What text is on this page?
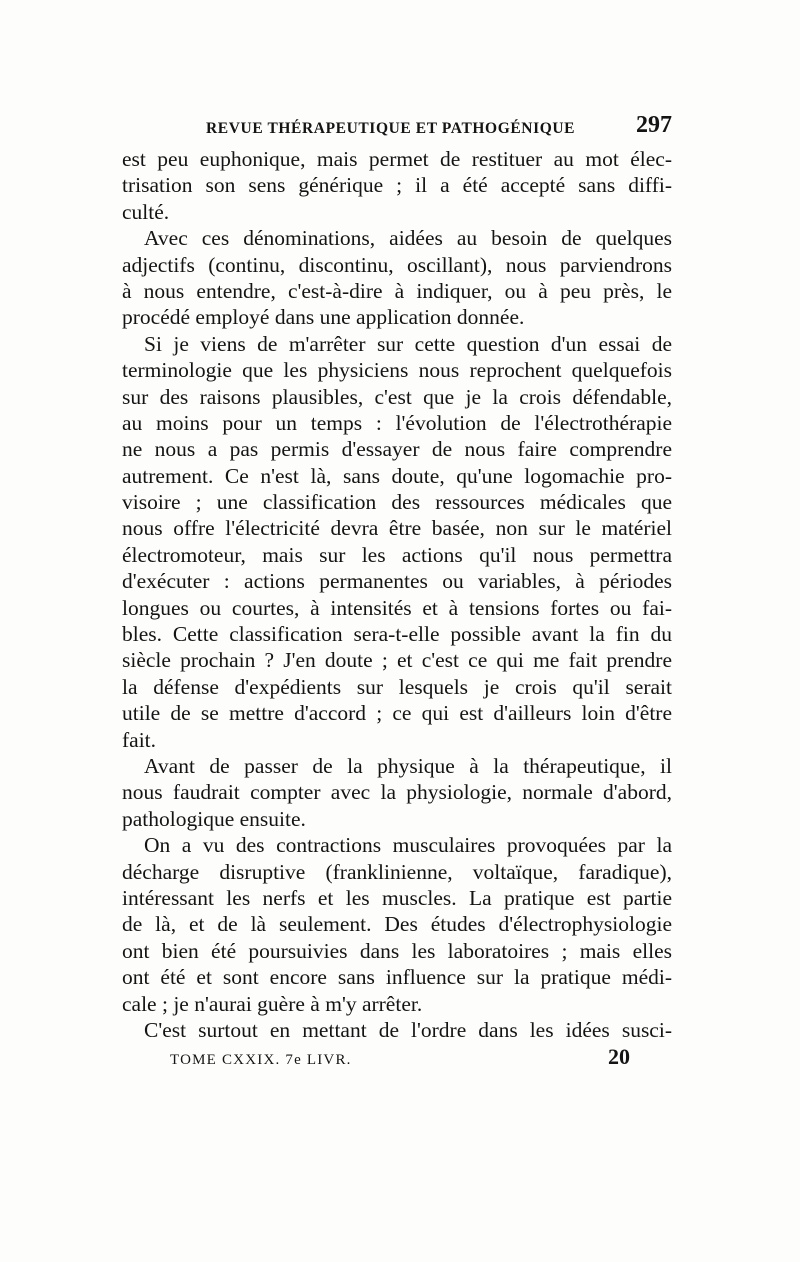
REVUE THÉRAPEUTIQUE ET PATHOGÉNIQUE	297
est peu euphonique, mais permet de restituer au mot élec-
trisation son sens générique ; il a été accepté sans diffi-
culté.
Avec ces dénominations, aidées au besoin de quelques
adjectifs (continu, discontinu, oscillant), nous parviendrons
à nous entendre, c'est-à-dire à indiquer, ou à peu près, le
procédé employé dans une application donnée.
Si je viens de m'arrêter sur cette question d'un essai de
terminologie que les physiciens nous reprochent quelquefois
sur des raisons plausibles, c'est que je la crois défendable,
au moins pour un temps : l'évolution de l'électrothérapie
ne nous a pas permis d'essayer de nous faire comprendre
autrement. Ce n'est là, sans doute, qu'une logomachie pro-
visoire ; une classification des ressources médicales que
nous offre l'électricité devra être basée, non sur le matériel
électromoteur, mais sur les actions qu'il nous permettra
d'exécuter : actions permanentes ou variables, à périodes
longues ou courtes, à intensités et à tensions fortes ou fai-
bles. Cette classification sera-t-elle possible avant la fin du
siècle prochain ? J'en doute ; et c'est ce qui me fait prendre
la défense d'expédients sur lesquels je crois qu'il serait
utile de se mettre d'accord ; ce qui est d'ailleurs loin d'être
fait.
Avant de passer de la physique à la thérapeutique, il
nous faudrait compter avec la physiologie, normale d'abord,
pathologique ensuite.
On a vu des contractions musculaires provoquées par la
décharge disruptive (franklinienne, voltaïque, faradique),
intéressant les nerfs et les muscles. La pratique est partie
de là, et de là seulement. Des études d'électrophysiologie
ont bien été poursuivies dans les laboratoires ; mais elles
ont été et sont encore sans influence sur la pratique médi-
cale ; je n'aurai guère à m'y arrêter.
C'est surtout en mettant de l'ordre dans les idées susci-
TOME CXXIX. 7e LIVR.	20
